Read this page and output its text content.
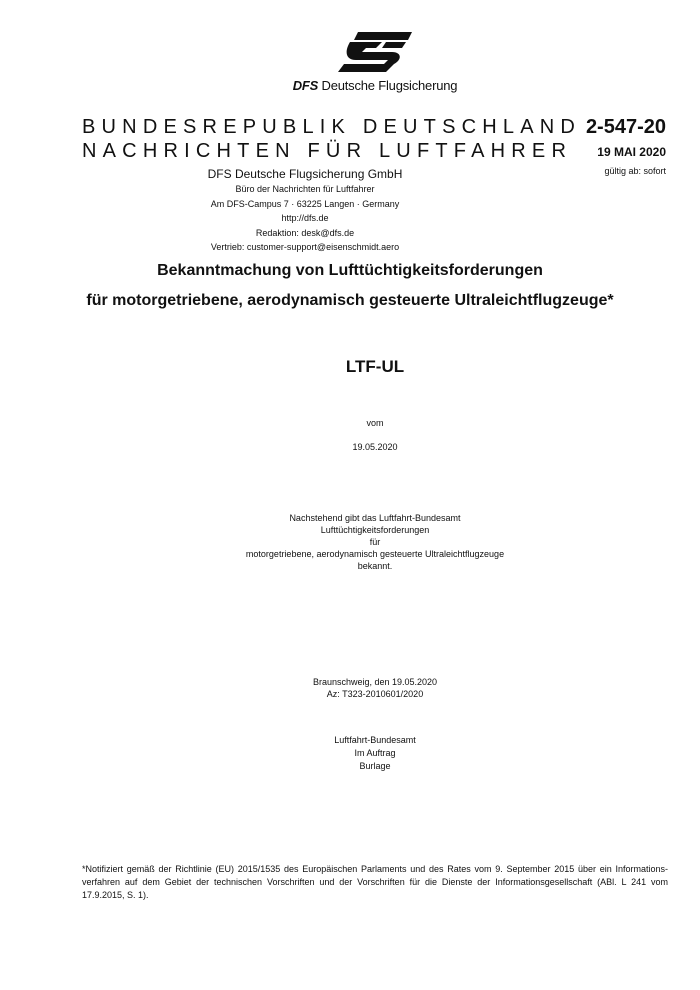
DFS Deutsche Flugsicherung
BUNDESREPUBLIK DEUTSCHLAND
NACHRICHTEN FÜR LUFTFAHRER
2-547-20
19 MAI 2020
gültig ab: sofort
DFS Deutsche Flugsicherung GmbH
Büro der Nachrichten für Luftfahrer
Am DFS-Campus 7 · 63225 Langen · Germany
http://dfs.de
Redaktion: desk@dfs.de
Vertrieb: customer-support@eisenschmidt.aero
Bekanntmachung von Lufttüchtigkeitsforderungen
für motorgetriebene, aerodynamisch gesteuerte Ultraleichtflugzeuge*
LTF-UL
vom
19.05.2020
Nachstehend gibt das Luftfahrt-Bundesamt
Lufttüchtigkeitsforderungen
für
motorgetriebene, aerodynamisch gesteuerte Ultraleichtflugzeuge
bekannt.
Braunschweig, den 19.05.2020
Az: T323-2010601/2020
Luftfahrt-Bundesamt
Im Auftrag
Burlage
*Notifiziert gemäß der Richtlinie (EU) 2015/1535 des Europäischen Parlaments und des Rates vom 9. September 2015 über ein Informations-verfahren auf dem Gebiet der technischen Vorschriften und der Vorschriften für die Dienste der Informationsgesellschaft (ABl. L 241 vom 17.9.2015, S. 1).
